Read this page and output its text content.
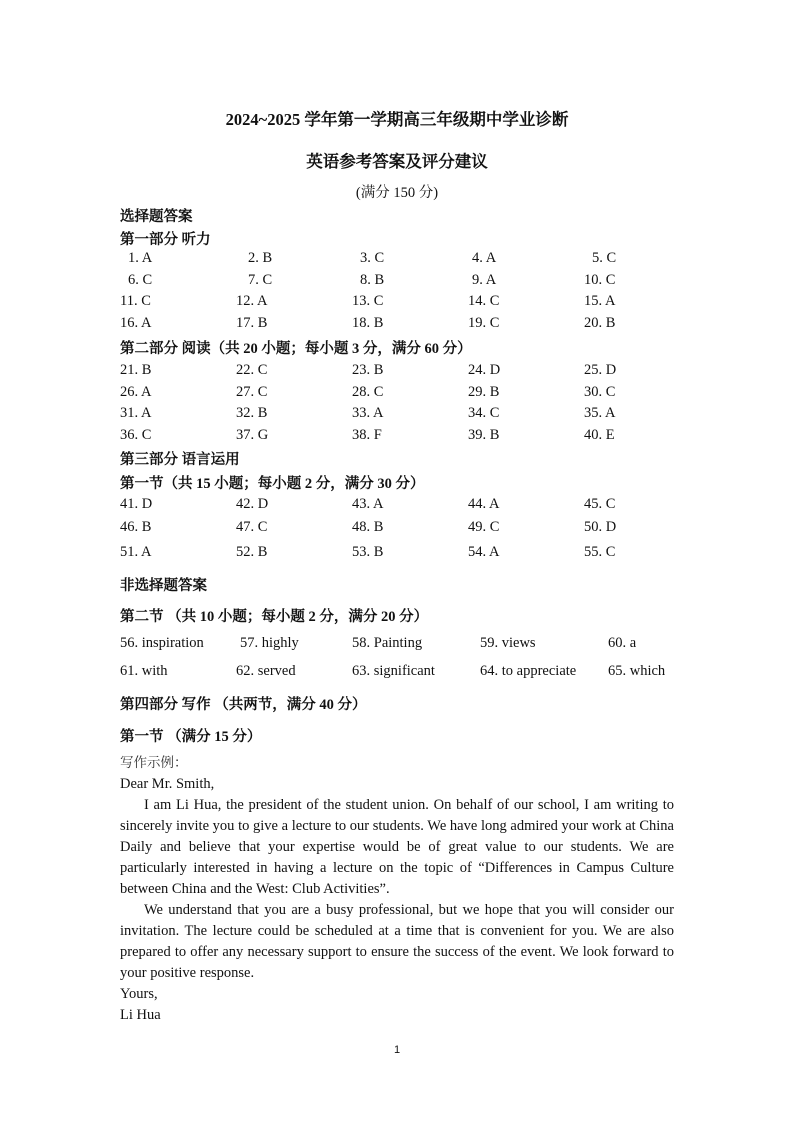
2024~2025 学年第一学期高三年级期中学业诊断
英语参考答案及评分建议
(满分 150 分)
选择题答案
第一部分 听力
1. A	2. B	3. C	4. A	5. C
6. C	7. C	8. B	9. A	10. C
11. C	12. A	13. C	14. C	15. A
16. A	17. B	18. B	19. C	20. B
第二部分 阅读（共 20 小题；每小题 3 分，满分 60 分）
21. B	22. C	23. B	24. D	25. D
26. A	27. C	28. C	29. B	30. C
31. A	32. B	33. A	34. C	35. A
36. C	37. G	38. F	39. B	40. E
第三部分 语言运用
第一节（共 15 小题；每小题 2 分，满分 30 分）
41. D	42. D	43. A	44. A	45. C
46. B	47. C	48. B	49. C	50. D
51. A	52. B	53. B	54. A	55. C
非选择题答案
第二节 （共 10 小题；每小题 2 分，满分 20 分）
56. inspiration 57. highly	58. Painting	59. views	60. a
61. with	62. served	63. significant	64. to appreciate 65. which
第四部分 写作 （共两节，满分 40 分）
第一节 （满分 15 分）

写作示例：

Dear Mr. Smith,

I am Li Hua, the president of the student union. On behalf of our school, I am writing to sincerely invite you to give a lecture to our students. We have long admired your work at China Daily and believe that your expertise would be of great value to our students. We are particularly interested in having a lecture on the topic of “Differences in Campus Culture between China and the West: Club Activities”.

We understand that you are a busy professional, but we hope that you will consider our invitation. The lecture could be scheduled at a time that is convenient for you. We are also prepared to offer any necessary support to ensure the success of the event. We look forward to your positive response.

Yours,

Li Hua

1
